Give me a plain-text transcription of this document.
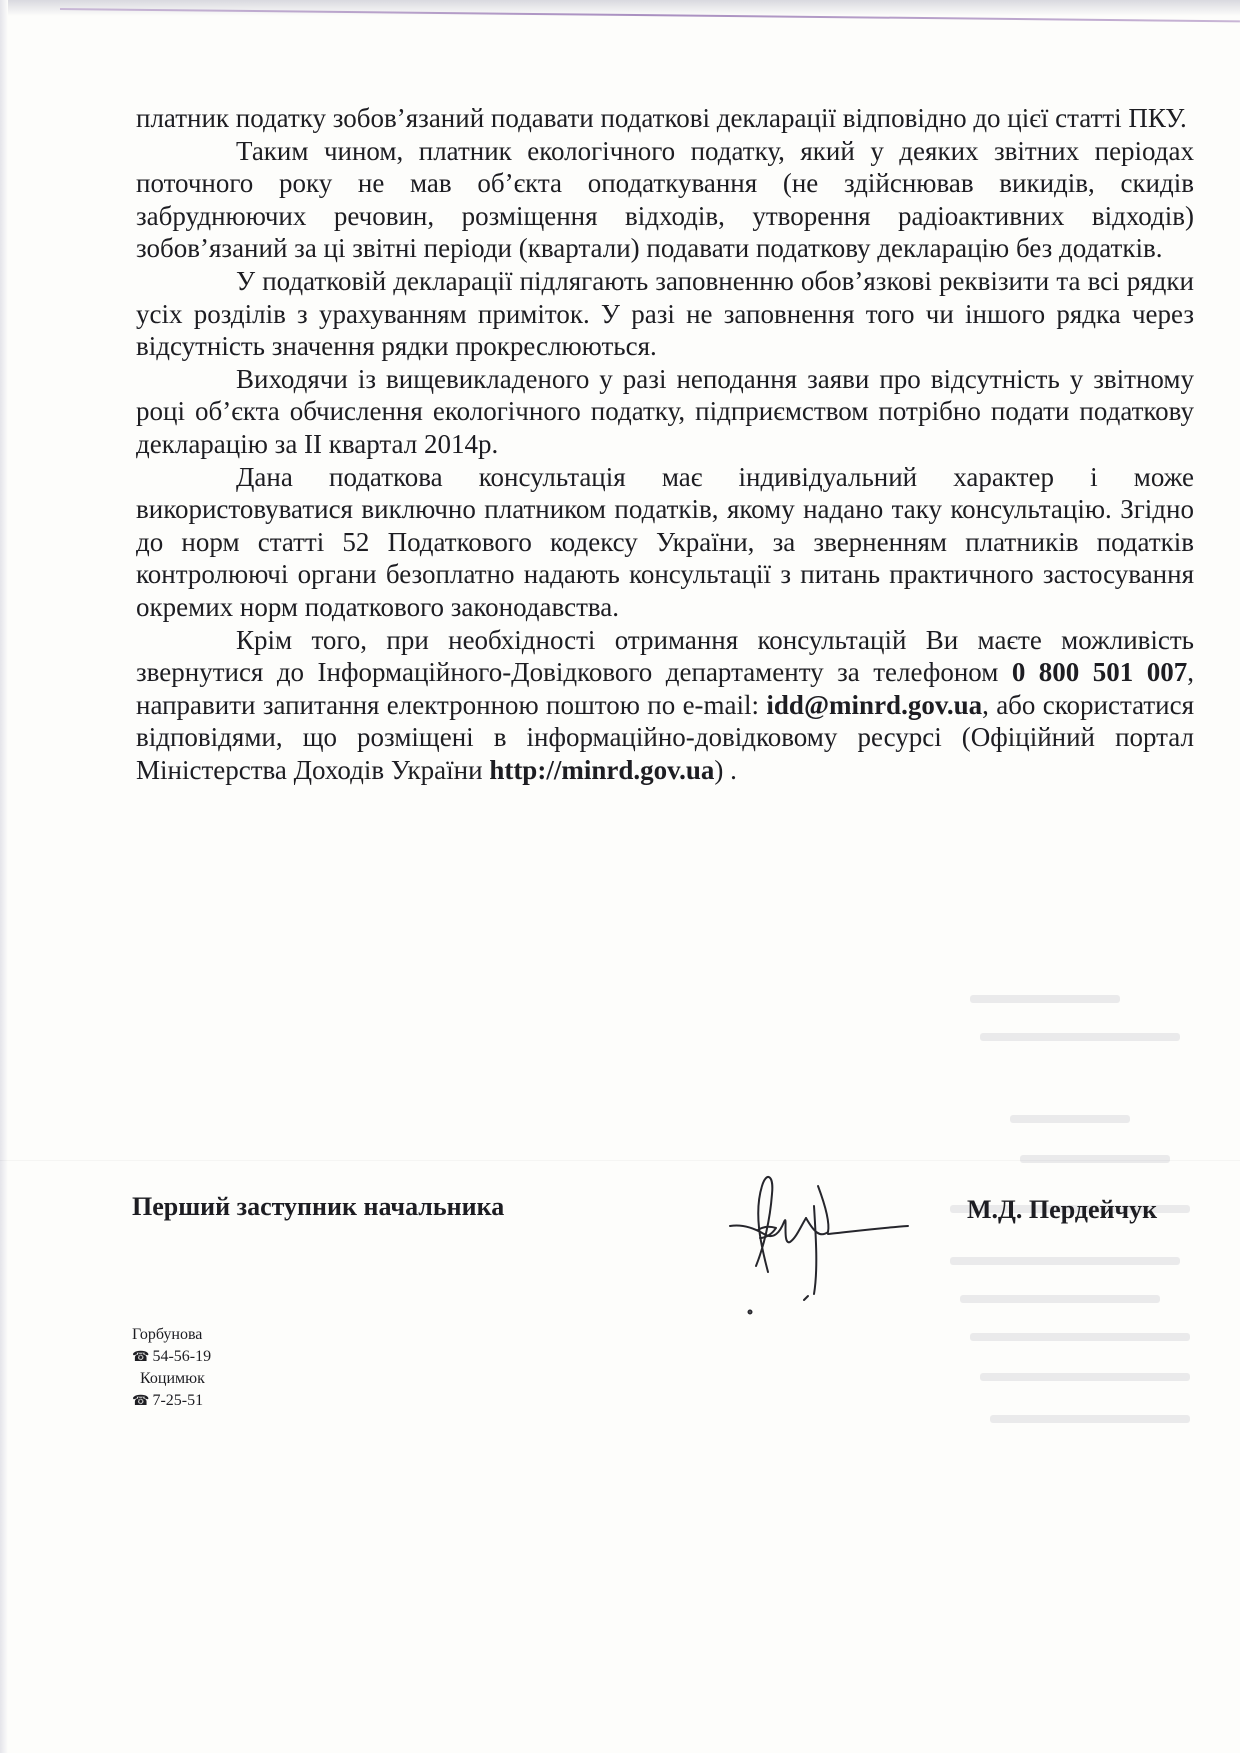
платник податку зобов’язаний подавати податкові декларації відповідно до цієї статті ПКУ.

Таким чином, платник екологічного податку, який у деяких звітних періодах поточного року не мав об’єкта оподаткування (не здійснював викидів, скидів забруднюючих речовин, розміщення відходів, утворення радіоактивних відходів) зобов’язаний за ці звітні періоди (квартали) подавати податкову декларацію без додатків.

У податковій декларації підлягають заповненню обов’язкові реквізити та всі рядки усіх розділів з урахуванням приміток. У разі не заповнення того чи іншого рядка через відсутність значення рядки прокреслюються.

Виходячи із вищевикладеного у разі неподання заяви про відсутність у звітному році об’єкта обчислення екологічного податку, підприємством потрібно подати податкову декларацію за ІІ квартал 2014р.

Дана податкова консультація має індивідуальний характер і може використовуватися виключно платником податків, якому надано таку консультацію. Згідно до норм статті 52 Податкового кодексу України, за зверненням платників податків контролюючі органи безоплатно надають консультації з питань практичного застосування окремих норм податкового законодавства.

Крім того, при необхідності отримання консультацій Ви маєте можливість звернутися до Інформаційного-Довідкового департаменту за телефоном 0 800 501 007, направити запитання електронною поштою по e-mail: idd@minrd.gov.ua, або скористатися відповідями, що розміщені в інформаційно-довідковому ресурсі (Офіційний портал Міністерства Доходів України http://minrd.gov.ua) .

Перший заступник начальника	М.Д. Пердейчук
Горбунова
☎ 54-56-19
Коцимюк
☎ 7-25-51
